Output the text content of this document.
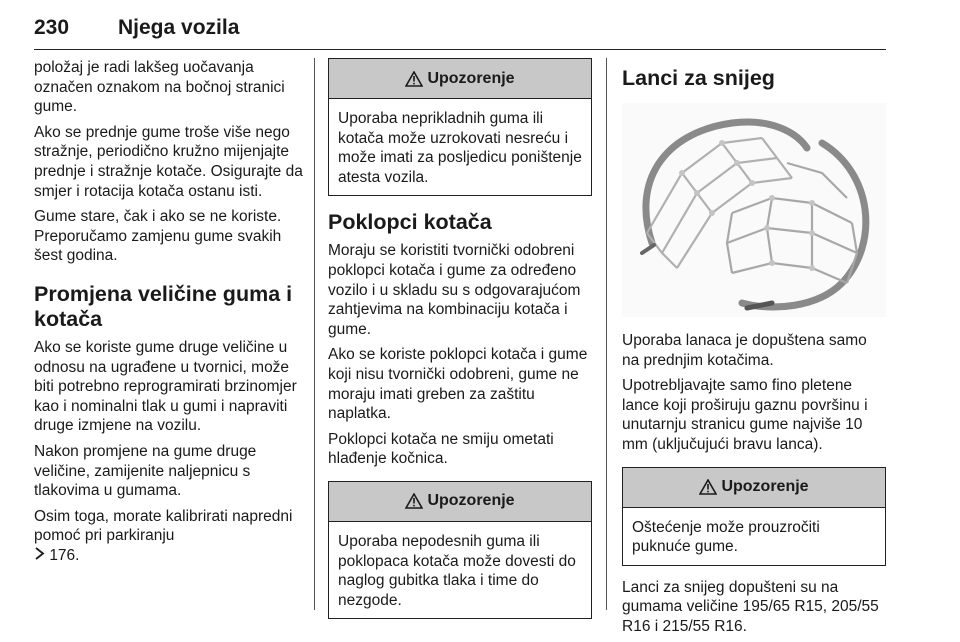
230 Njega vozila

položaj je radi lakšeg uočavanja označen oznakom na bočnoj stranici gume.

Ako se prednje gume troše više nego stražnje, periodično kružno mijenjajte prednje i stražnje kotače. Osigurajte da smjer i rotacija kotača ostanu isti.

Gume stare, čak i ako se ne koriste. Preporučamo zamjenu gume svakih šest godina.

Promjena veličine guma i kotača

Ako se koriste gume druge veličine u odnosu na ugrađene u tvornici, može biti potrebno reprogramirati brzinomjer kao i nominalni tlak u gumi i napraviti druge izmjene na vozilu.

Nakon promjene na gume druge veličine, zamijenite naljepnicu s tlakovima u gumama.

Osim toga, morate kalibrirati napredni pomoć pri parkiranju
176.

Upozorenje

Uporaba neprikladnih guma ili kotača može uzrokovati nesreću i može imati za posljedicu poništenje atesta vozila.

Poklopci kotača

Moraju se koristiti tvornički odobreni poklopci kotača i gume za određeno vozilo i u skladu su s odgovarajućom zahtjevima na kombinaciju kotača i gume.

Ako se koriste poklopci kotača i gume koji nisu tvornički odobreni, gume ne moraju imati greben za zaštitu naplatka.

Poklopci kotača ne smiju ometati hlađenje kočnica.

Upozorenje

Uporaba nepodesnih guma ili poklopaca kotača može dovesti do naglog gubitka tlaka i time do nezgode.

Lanci za snijeg

Uporaba lanaca je dopuštena samo na prednjim kotačima.

Upotrebljavajte samo fino pletene lance koji proširuju gaznu površinu i unutarnju stranicu gume najviše 10 mm (uključujući bravu lanca).

Upozorenje

Oštećenje može prouzročiti puknuće gume.

Lanci za snijeg dopušteni su na gumama veličine 195/65 R15, 205/55 R16 i 215/55 R16.
